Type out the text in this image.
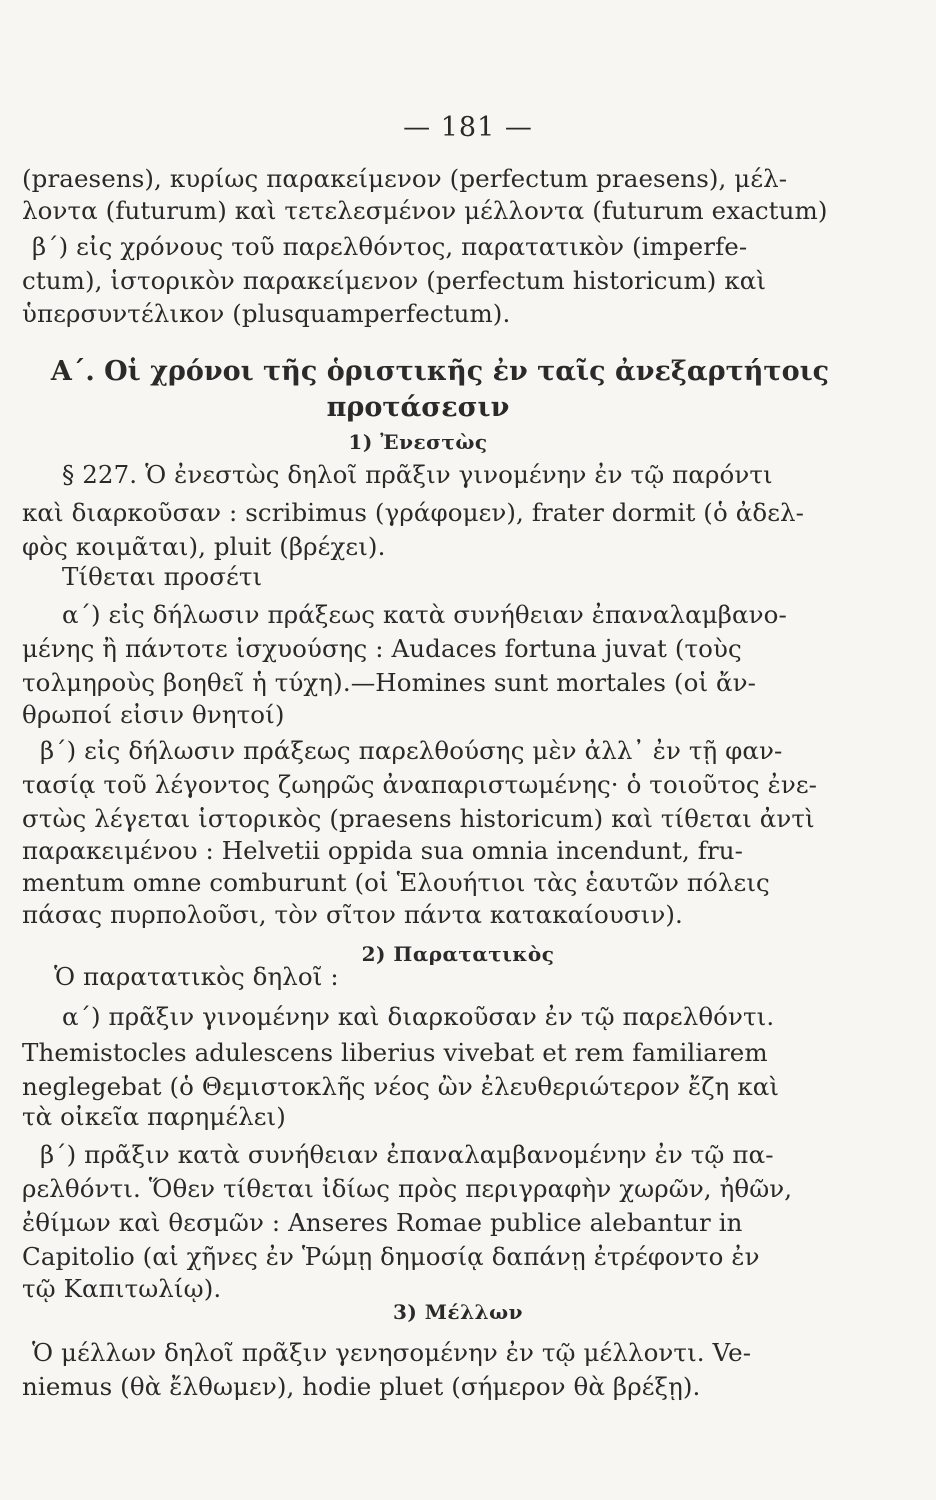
— 181 —
(praesens), κυρίως παρακείμενον (perfectum praesens), μέλ-
λοντα (futurum) καὶ τετελεσμένον μέλλοντα (futurum exactum)
β΄) εἰς χρόνους τοῦ παρελθόντος, παρατατικὸν (imperfe-
ctum), ἱστορικὸν παρακείμενον (perfectum historicum) καὶ
ὑπερσυντέλικον (plusquamperfectum).
Α΄. Οἱ χρόνοι τῆς ὁριστικῆς ἐν ταῖς ἀνεξαρτήτοις
προτάσεσιν
1) Ἐνεστὼς
§ 227. Ὁ ἐνεστὼς δηλοῖ πρᾶξιν γινομένην ἐν τῷ παρόντι
καὶ διαρκοῦσαν : scribimus (γράφομεν), frater dormit (ὁ ἀδελ-
φὸς κοιμᾶται), pluit (βρέχει).
Τίθεται προσέτι
α΄) εἰς δήλωσιν πράξεως κατὰ συνήθειαν ἐπαναλαμβανο-
μένης ἢ πάντοτε ἰσχυούσης : Audaces fortuna juvat (τοὺς
τολμηροὺς βοηθεῖ ἡ τύχη).—Homines sunt mortales (οἱ ἄν-
θρωποί εἰσιν θνητοί)
β΄) εἰς δήλωσιν πράξεως παρελθούσης μὲν ἀλλ᾽ ἐν τῇ φαν-
τασίᾳ τοῦ λέγοντος ζωηρῶς ἀναπαριστωμένης· ὁ τοιοῦτος ἐνε-
στὼς λέγεται ἱστορικὸς (praesens historicum) καὶ τίθεται ἀντὶ
παρακειμένου : Helvetii oppida sua omnia incendunt, fru-
mentum omne comburunt (οἱ Ἑλουήτιοι τὰς ἑαυτῶν πόλεις
πάσας πυρπολοῦσι, τὸν σῖτον πάντα κατακαίουσιν).
2) Παρατατικὸς
Ὁ παρατατικὸς δηλοῖ :
α΄) πρᾶξιν γινομένην καὶ διαρκοῦσαν ἐν τῷ παρελθόντι.
Themistocles adulescens liberius vivebat et rem familiarem
neglegebat (ὁ Θεμιστοκλῆς νέος ὢν ἐλευθεριώτερον ἔζη καὶ
τὰ οἰκεῖα παρημέλει)
β΄) πρᾶξιν κατὰ συνήθειαν ἐπαναλαμβανομένην ἐν τῷ πα-
ρελθόντι. Ὅθεν τίθεται ἰδίως πρὸς περιγραφὴν χωρῶν, ἠθῶν,
ἐθίμων καὶ θεσμῶν : Anseres Romae publice alebantur in
Capitolio (αἱ χῆνες ἐν Ῥώμῃ δημοσίᾳ δαπάνῃ ἐτρέφοντο ἐν
τῷ Καπιτωλίῳ).
3) Μέλλων
Ὁ μέλλων δηλοῖ πρᾶξιν γενησομένην ἐν τῷ μέλλοντι. Ve-
niemus (θὰ ἔλθωμεν), hodie pluet (σήμερον θὰ βρέξῃ).
